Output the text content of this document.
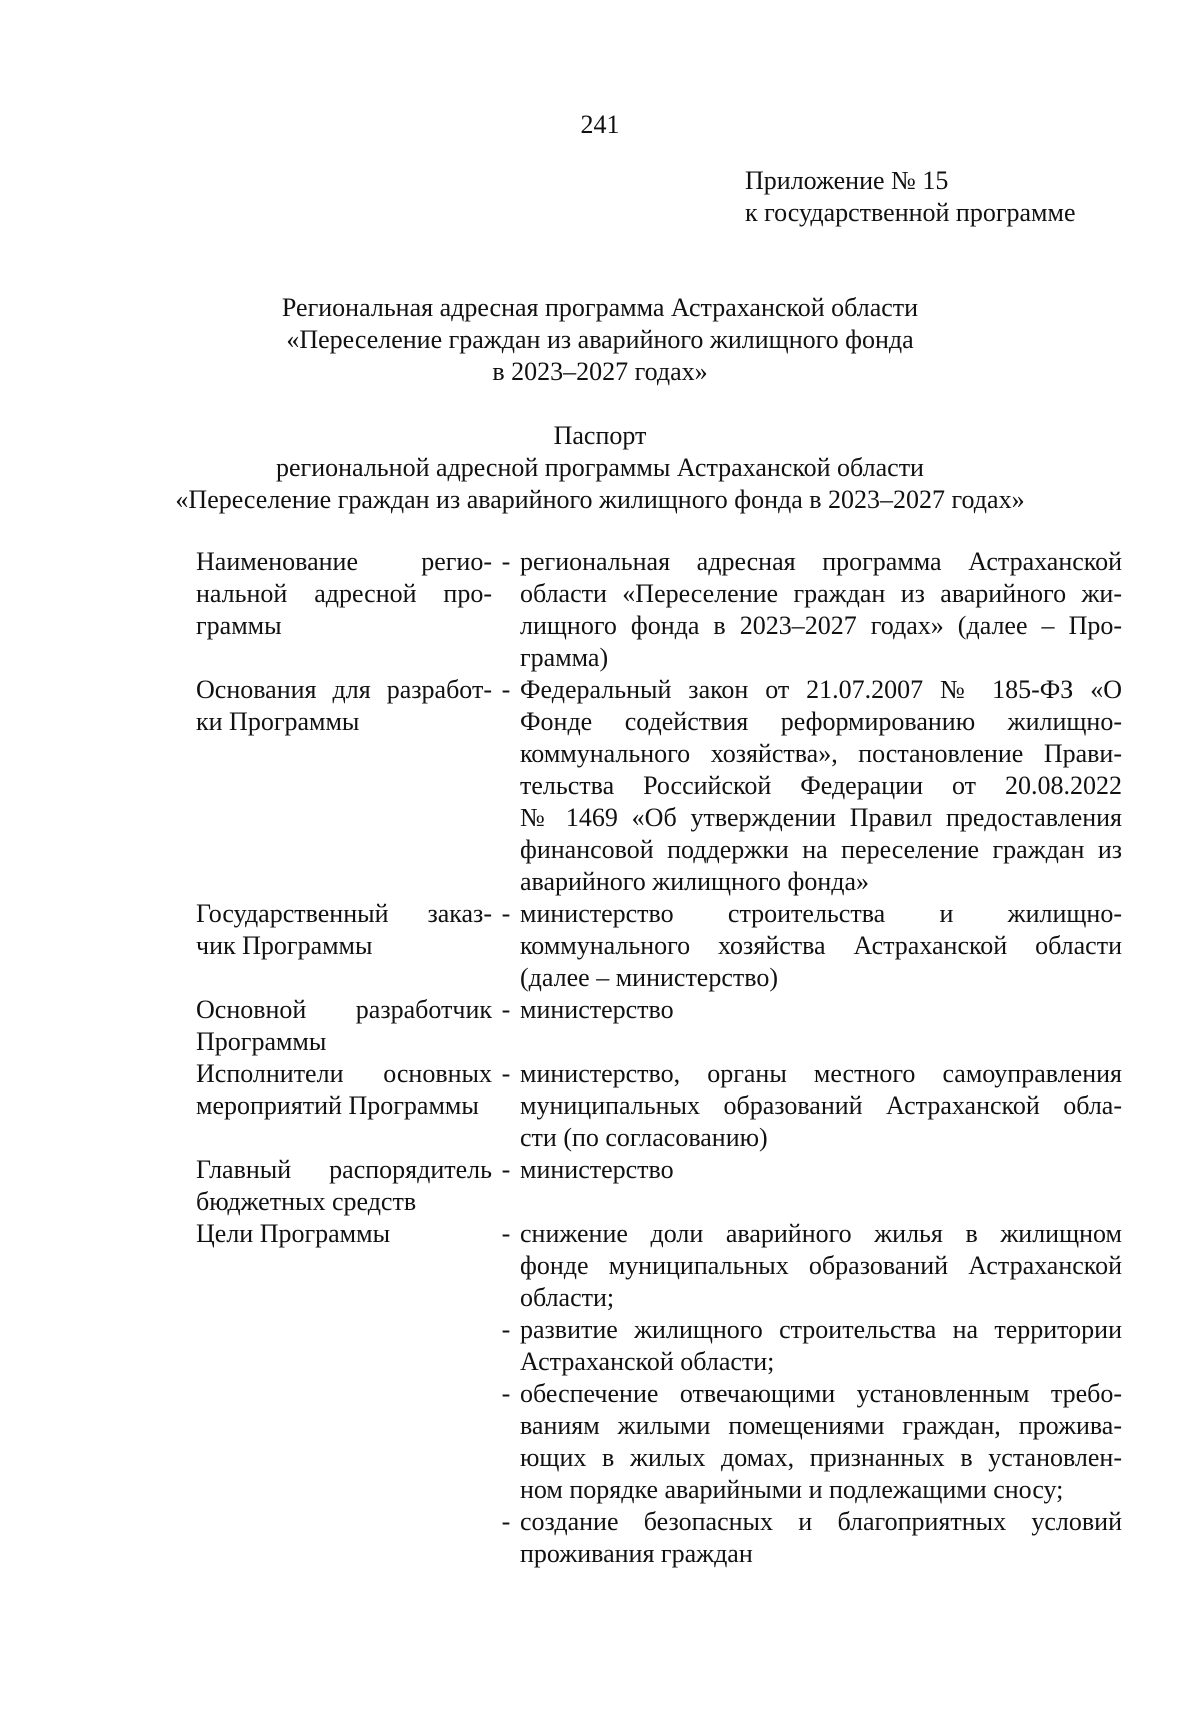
241
Приложение № 15
к государственной программе
Региональная адресная программа Астраханской области
«Переселение граждан из аварийного жилищного фонда
в 2023–2027 годах»
Паспорт
региональной адресной программы Астраханской области
«Переселение граждан из аварийного жилищного фонда в 2023–2027 годах»
Наименование регио-
нальной адресной про-
граммы
- региональная адресная программа Астраханской
области «Переселение граждан из аварийного жи-
лищного фонда в 2023–2027 годах» (далее – Про-
грамма)
Основания для разработ-
ки Программы
- Федеральный закон от 21.07.2007 № 185-ФЗ «О
Фонде содействия реформированию жилищно-
коммунального хозяйства», постановление Прави-
тельства Российской Федерации от 20.08.2022
№ 1469 «Об утверждении Правил предоставления
финансовой поддержки на переселение граждан из
аварийного жилищного фонда»
Государственный заказ-
чик Программы
- министерство строительства и жилищно-
коммунального хозяйства Астраханской области
(далее – министерство)
Основной разработчик
Программы
- министерство
Исполнители основных
мероприятий Программы
- министерство, органы местного самоуправления
муниципальных образований Астраханской обла-
сти (по согласованию)
Главный распорядитель
бюджетных средств
- министерство
Цели Программы	- снижение доли аварийного жилья в жилищном
фонде муниципальных образований Астраханской
области;
- развитие жилищного строительства на территории
Астраханской области;
- обеспечение отвечающими установленным требо-
ваниям жилыми помещениями граждан, прожива-
ющих в жилых домах, признанных в установлен-
ном порядке аварийными и подлежащими сносу;
- создание безопасных и благоприятных условий
проживания граждан
